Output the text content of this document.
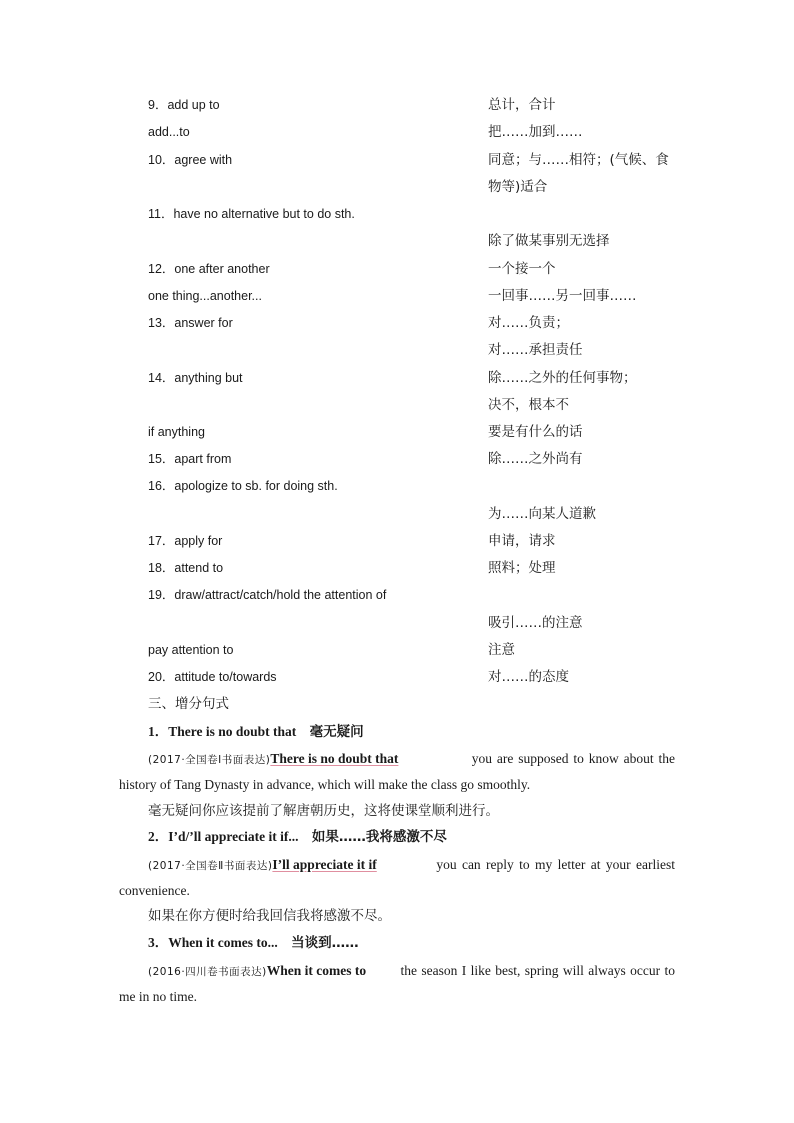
9．add up to	总计，合计
add...to	把……加到……
10．agree with	同意；与……相符；(气候、食
物等)适合
11．have no alternative but to do sth.
除了做某事别无选择
12．one after another	一个接一个
one thing...another...	一回事……另一回事……
13．answer for	对……负责；
对……承担责任
14．anything but	除……之外的任何事物；
决不，根本不
if anything	要是有什么的话
15．apart from	除……之外尚有
16．apologize to sb. for doing sth.
为……向某人道歉
17．apply for	申请，请求
18．attend to	照料；处理
19．draw/attract/catch/hold the attention of
吸引……的注意
pay attention to	注意
20．attitude to/towards	对……的态度
三、增分句式
1．There is no doubt that 毫无疑问
(2017·全国卷Ⅰ书面表达)There is no doubt that	you are supposed to know about the
history of Tang Dynasty in advance, which will make the class go smoothly.
毫无疑问你应该提前了解唐朝历史，这将使课堂顺利进行。
2．I’d/’ll appreciate it if... 如果……我将感激不尽
(2017·全国卷Ⅱ书面表达)I’ll appreciate it if	you can reply to my letter at your earliest
convenience.
如果在你方便时给我回信我将感激不尽。
3．When it comes to... 当谈到……
(2016·四川卷书面表达)When it comes to	the season I like best, spring will always occur to
me in no time.
